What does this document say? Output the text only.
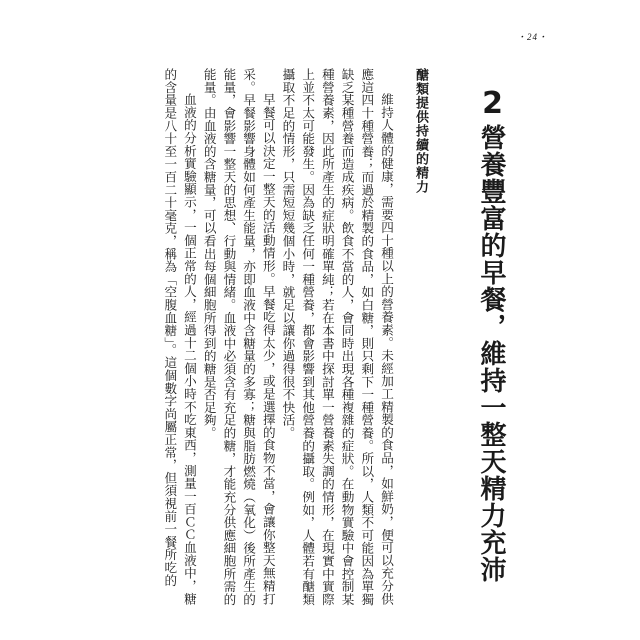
・24・
2
營養豐富的早餐，維持一整天精力充沛
醣類提供持續的精力

維持人體的健康，需要四十種以上的營養素。未經加工精製的食品，如鮮奶，便可以充分供應這四十種營養；而過於精製的食品，如白糖，則只剩下一種營養。所以，人類不可能因為單獨缺乏某種營養而造成疾病。飲食不當的人，會同時出現各種複雜的症狀。在動物實驗中會控制某種營養素，因此所產生的症狀明確單純；若在本書中探討單一營養素失調的情形，在現實中實際上並不太可能發生。因為缺乏任何一種營養，都會影響到其他營養的攝取。例如，人體若有醣類攝取不足的情形，只需短短幾個小時，就足以讓你過得很不快活。

早餐可以決定一整天的活動情形。早餐吃得太少，或是選擇的食物不當，會讓你整天無精打采。早餐影響身體如何產生能量，亦即血液中含糖量的多寡；糖與脂肪燃燒（氧化）後所產生的能量，會影響一整天的思想、行動與情緒。血液中必須含有充足的糖，才能充分供應細胞所需的能量。由血液的含糖量，可以看出每個細胞所得到的糖是否足夠。

血液的分析實驗顯示，一個正常的人，經過十二個小時不吃東西，測量一百ＣＣ血液中，糖的含量是八十至一百二十毫克，稱為「空腹血糖」。這個數字尚屬正常，但須視前一餐所吃的
